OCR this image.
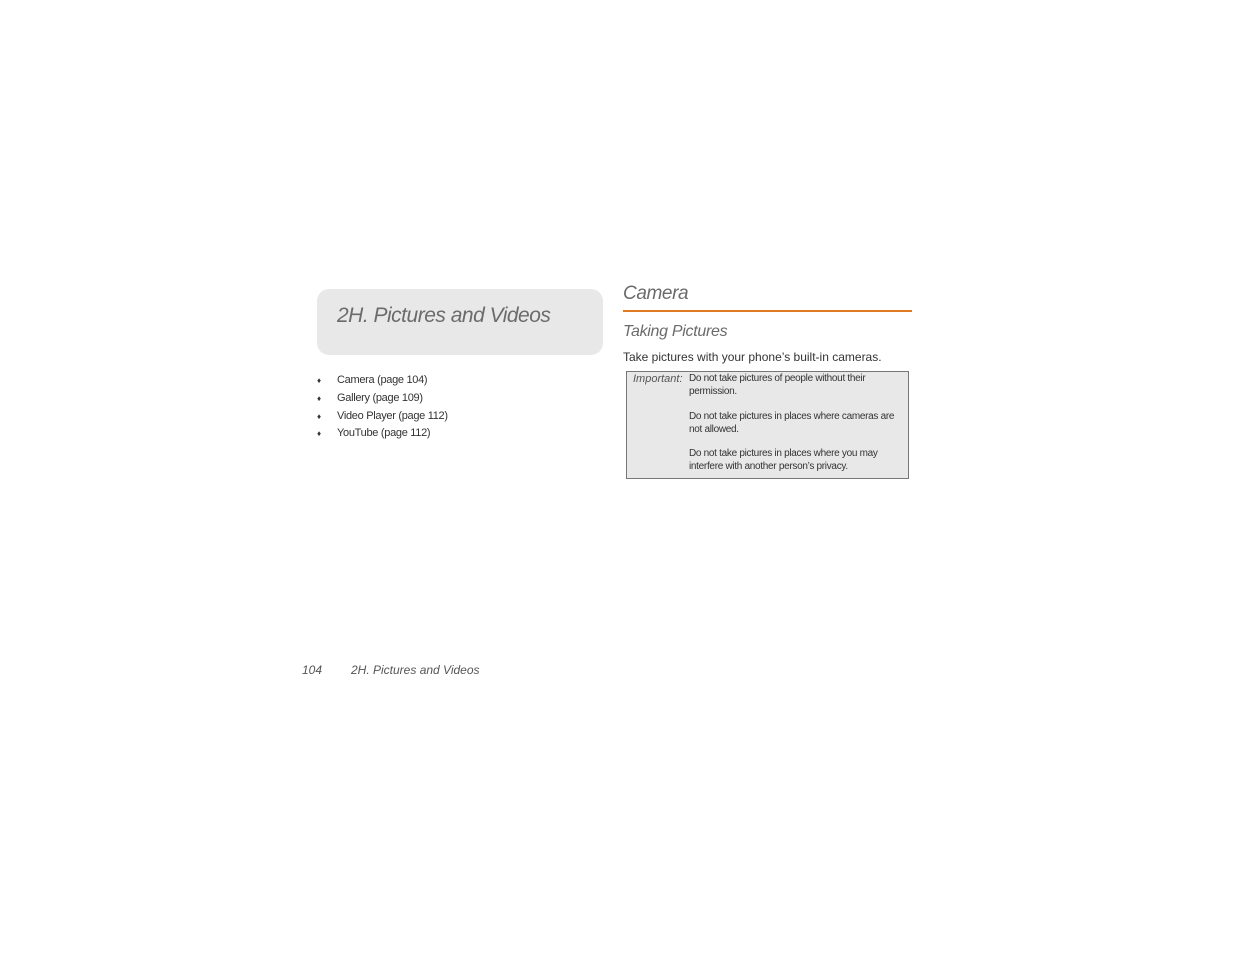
2H. Pictures and Videos
♦ Camera (page 104)
♦ Gallery (page 109)
♦ Video Player (page 112)
♦ YouTube (page 112)
Camera
Taking Pictures
Take pictures with your phone’s built-in cameras.
Important: Do not take pictures of people without their permission.
Do not take pictures in places where cameras are not allowed.
Do not take pictures in places where you may interfere with another person’s privacy.
104 2H. Pictures and Videos
